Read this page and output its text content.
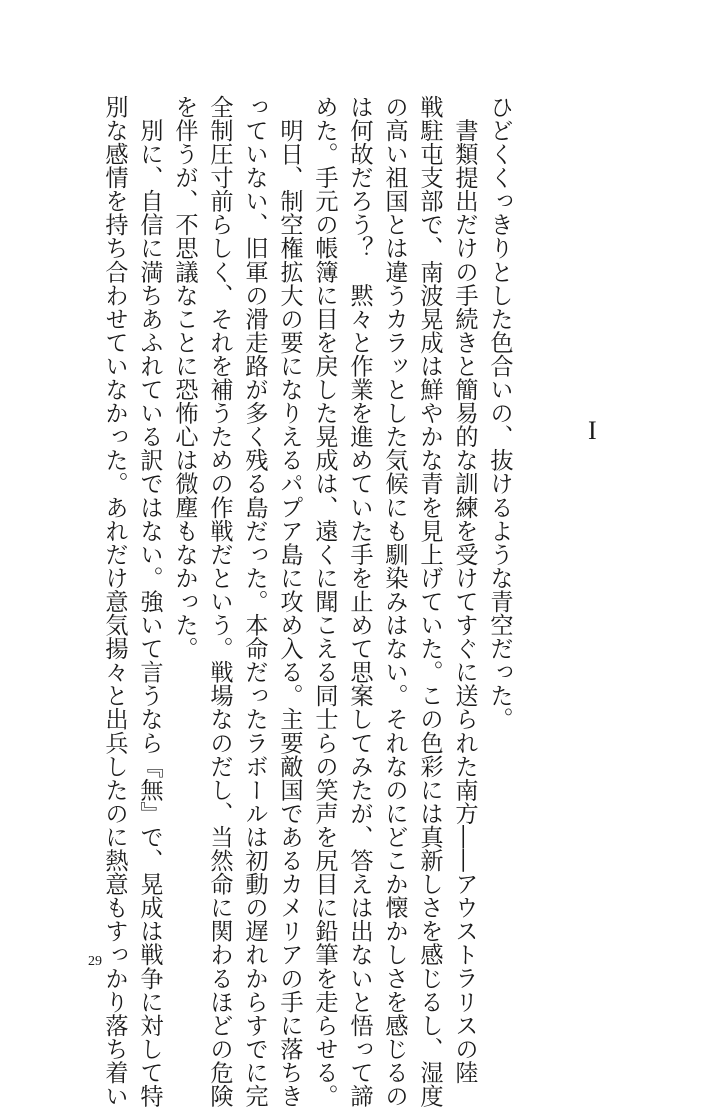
I
ひどくくっきりとした色合いの、抜けるような青空だった。
　書類提出だけの手続きと簡易的な訓練を受けてすぐに送られた南方――アウストラリスの陸
戦駐屯支部で、南波晃成は鮮やかな青を見上げていた。この色彩には真新しさを感じるし、湿度
の高い祖国とは違うカラッとした気候にも馴染みはない。それなのにどこか懐かしさを感じるの
は何故だろう？　黙々と作業を進めていた手を止めて思案してみたが、答えは出ないと悟って諦
めた。手元の帳簿に目を戻した晃成は、遠くに聞こえる同士らの笑声を尻目に鉛筆を走らせる。
　明日、制空権拡大の要になりえるパプア島に攻め入る。主要敵国であるカメリアの手に落ちき
っていない、旧軍の滑走路が多く残る島だった。本命だったラボールは初動の遅れからすでに完
全制圧寸前らしく、それを補うための作戦だという。戦場なのだし、当然命に関わるほどの危険
を伴うが、不思議なことに恐怖心は微塵もなかった。
　別に、自信に満ちあふれている訳ではない。強いて言うなら『無』で、晃成は戦争に対して特
別な感情を持ち合わせていなかった。あれだけ意気揚々と出兵したのに熱意もすっかり落ち着い
29
